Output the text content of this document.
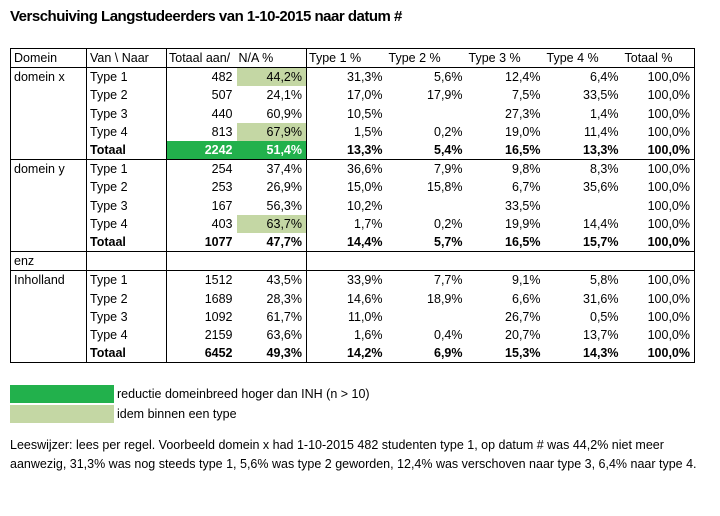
Verschuiving Langstudeerders van 1-10-2015 naar datum #
Domein	Van \ Naar	Totaal aan/	N/A %	Type 1 %	Type 2 %	Type 3 %	Type 4 %	Totaal %
domein x	Type 1	482	44,2%	31,3%	5,6%	12,4%	6,4%	100,0%
	Type 2	507	24,1%	17,0%	17,9%	7,5%	33,5%	100,0%
	Type 3	440	60,9%	10,5%		27,3%	1,4%	100,0%
	Type 4	813	67,9%	1,5%	0,2%	19,0%	11,4%	100,0%
	Totaal	2242	51,4%	13,3%	5,4%	16,5%	13,3%	100,0%
domein y	Type 1	254	37,4%	36,6%	7,9%	9,8%	8,3%	100,0%
	Type 2	253	26,9%	15,0%	15,8%	6,7%	35,6%	100,0%
	Type 3	167	56,3%	10,2%		33,5%		100,0%
	Type 4	403	63,7%	1,7%	0,2%	19,9%	14,4%	100,0%
	Totaal	1077	47,7%	14,4%	5,7%	16,5%	15,7%	100,0%
enz								
Inholland	Type 1	1512	43,5%	33,9%	7,7%	9,1%	5,8%	100,0%
	Type 2	1689	28,3%	14,6%	18,9%	6,6%	31,6%	100,0%
	Type 3	1092	61,7%	11,0%		26,7%	0,5%	100,0%
	Type 4	2159	63,6%	1,6%	0,4%	20,7%	13,7%	100,0%
	Totaal	6452	49,3%	14,2%	6,9%	15,3%	14,3%	100,0%
reductie domeinbreed hoger dan INH (n > 10)
idem binnen een type
Leeswijzer: lees per regel. Voorbeeld domein x had 1-10-2015 482 studenten type 1, op datum # was 44,2% niet meer aanwezig, 31,3% was nog steeds type 1, 5,6% was type 2 geworden, 12,4% was verschoven naar type 3, 6,4% naar type 4.
